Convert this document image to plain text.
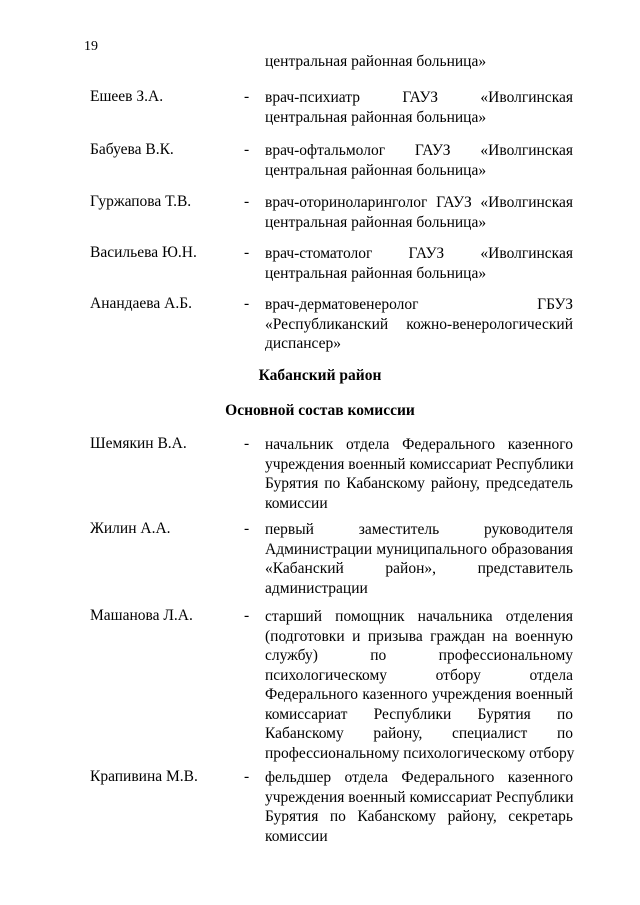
19
центральная районная больница»
Ешеев З.А.	- врач-психиатр ГАУЗ «Иволгинская
центральная районная больница»
Бабуева В.К.	- врач-офтальмолог ГАУЗ «Иволгинская
центральная районная больница»
Гуржапова Т.В.	- врач-оториноларинголог ГАУЗ «Иволгинская
центральная районная больница»
Васильева Ю.Н.	- врач-стоматолог ГАУЗ «Иволгинская
центральная районная больница»
Анандаева А.Б.	- врач-дерматовенеролог ГБУЗ
«Республиканский кожно-венерологический
диспансер»
Кабанский район
Основной состав комиссии
Шемякин В.А.	- начальник отдела Федерального казенного
учреждения военный комиссариат Республики
Бурятия по Кабанскому району, председатель
комиссии
Жилин А.А.	- первый заместитель руководителя
Администрации муниципального образования
«Кабанский район», представитель
администрации
Машанова Л.А.	- старший помощник начальника отделения
(подготовки и призыва граждан на военную
службу) по профессиональному
психологическому отбору отдела
Федерального казенного учреждения военный
комиссариат Республики Бурятия по
Кабанскому району, специалист по
профессиональному психологическому отбору
Крапивина М.В.	- фельдшер отдела Федерального казенного
учреждения военный комиссариат Республики
Бурятия по Кабанскому району, секретарь
комиссии
